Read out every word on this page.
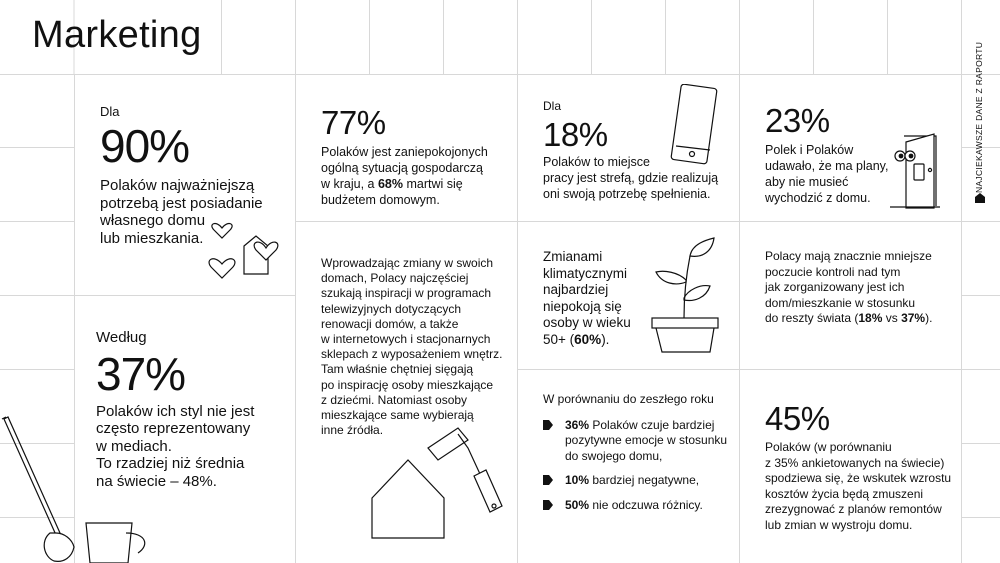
Marketing
NAJCIEKAWSZE DANE Z RAPORTU
Dla
90%
Polaków najważniejszą
potrzebą jest posiadanie
własnego domu
lub mieszkania.
77%
Polaków jest zaniepokojonych
ogólną sytuacją gospodarczą
w kraju, a 68% martwi się
budżetem domowym.
Dla
18%
Polaków to miejsce
pracy jest strefą, gdzie realizują
oni swoją potrzebę spełnienia.
23%
Polek i Polaków
udawało, że ma plany,
aby nie musieć
wychodzić z domu.
Według
37%
Polaków ich styl nie jest
często reprezentowany
w mediach.
To rzadziej niż średnia
na świecie – 48%.
Wprowadzając zmiany w swoich
domach, Polacy najczęściej
szukają inspiracji w programach
telewizyjnych dotyczących
renowacji domów, a także
w internetowych i stacjonarnych
sklepach z wyposażeniem wnętrz.
Tam właśnie chętniej sięgają
po inspirację osoby mieszkające
z dziećmi. Natomiast osoby
mieszkające same wybierają
inne źródła.
Zmianami
klimatycznymi
najbardziej
niepokoją się
osoby w wieku
50+ (60%).
Polacy mają znacznie mniejsze
poczucie kontroli nad tym
jak zorganizowany jest ich
dom/mieszkanie w stosunku
do reszty świata (18% vs 37%).
W porównaniu do zeszłego roku
36% Polaków czuje bardziej
pozytywne emocje w stosunku
do swojego domu,
10% bardziej negatywne,
50% nie odczuwa różnicy.
45%
Polaków (w porównaniu
z 35% ankietowanych na świecie)
spodziewa się, że wskutek wzrostu
kosztów życia będą zmuszeni
zrezygnować z planów remontów
lub zmian w wystroju domu.
